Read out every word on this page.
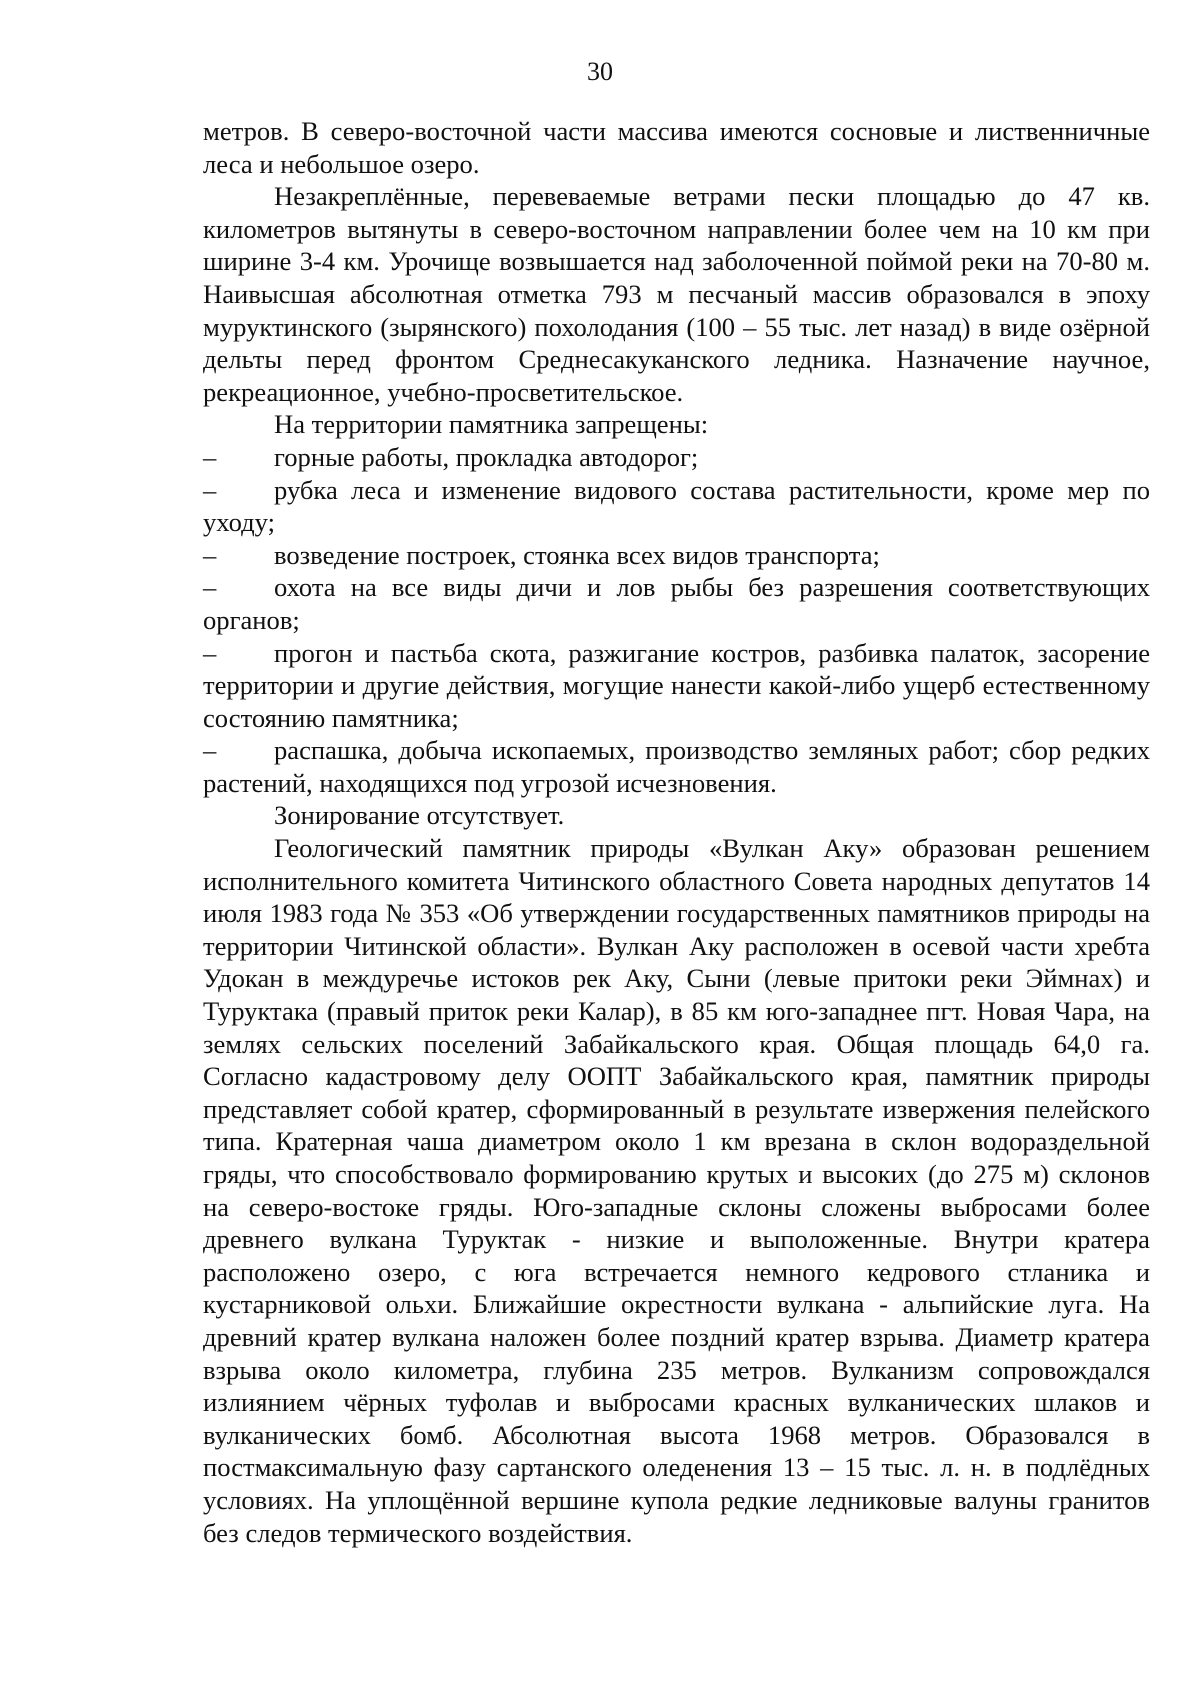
30

метров. В северо-восточной части массива имеются сосновые и лиственничные леса и небольшое озеро.

Незакреплённые, перевеваемые ветрами пески площадью до 47 кв. километров вытянуты в северо-восточном направлении более чем на 10 км при ширине 3-4 км. Урочище возвышается над заболоченной поймой реки на 70-80 м. Наивысшая абсолютная отметка 793 м песчаный массив образовался в эпоху муруктинского (зырянского) похолодания (100 – 55 тыс. лет назад) в виде озёрной дельты перед фронтом Среднесакуканского ледника. Назначение научное, рекреационное, учебно-просветительское.

На территории памятника запрещены:

– горные работы, прокладка автодорог;

– рубка леса и изменение видового состава растительности, кроме мер по уходу;

– возведение построек, стоянка всех видов транспорта;

– охота на все виды дичи и лов рыбы без разрешения соответствующих органов;

– прогон и пастьба скота, разжигание костров, разбивка палаток, засорение территории и другие действия, могущие нанести какой-либо ущерб естественному состоянию памятника;

– распашка, добыча ископаемых, производство земляных работ; сбор редких растений, находящихся под угрозой исчезновения.

Зонирование отсутствует.

Геологический памятник природы «Вулкан Аку» образован решением исполнительного комитета Читинского областного Совета народных депутатов 14 июля 1983 года № 353 «Об утверждении государственных памятников природы на территории Читинской области». Вулкан Аку расположен в осевой части хребта Удокан в междуречье истоков рек Аку, Сыни (левые притоки реки Эймнах) и Туруктака (правый приток реки Калар), в 85 км юго-западнее пгт. Новая Чара, на землях сельских поселений Забайкальского края. Общая площадь 64,0 га. Согласно кадастровому делу ООПТ Забайкальского края, памятник природы представляет собой кратер, сформированный в результате извержения пелейского типа. Кратерная чаша диаметром около 1 км врезана в склон водораздельной гряды, что способствовало формированию крутых и высоких (до 275 м) склонов на северо-востоке гряды. Юго-западные склоны сложены выбросами более древнего вулкана Туруктак - низкие и выположенные. Внутри кратера расположено озеро, с юга встречается немного кедрового стланика и кустарниковой ольхи. Ближайшие окрестности вулкана - альпийские луга. На древний кратер вулкана наложен более поздний кратер взрыва. Диаметр кратера взрыва около километра, глубина 235 метров. Вулканизм сопровождался излиянием чёрных туфолав и выбросами красных вулканических шлаков и вулканических бомб. Абсолютная высота 1968 метров. Образовался в постмаксимальную фазу сартанского оледенения 13 – 15 тыс. л. н. в подлёдных условиях. На уплощённой вершине купола редкие ледниковые валуны гранитов без следов термического воздействия.
